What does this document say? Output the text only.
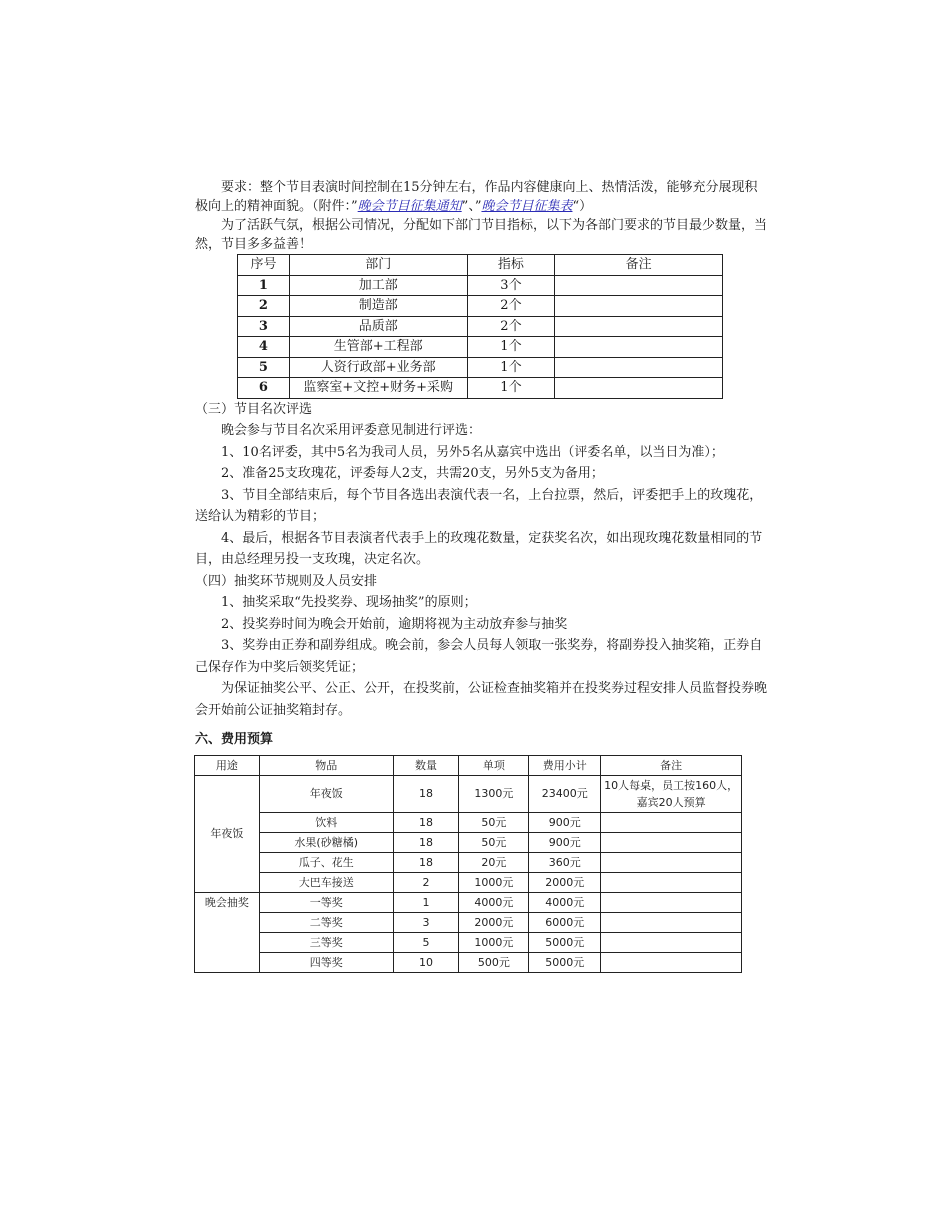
要求：整个节目表演时间控制在15分钟左右，作品内容健康向上、热情活泼，能够充分展现积极向上的精神面貌。（附件：”晚会节目征集通知”、”晚会节目征集表“）

为了活跃气氛，根据公司情况，分配如下部门节目指标，以下为各部门要求的节目最少数量，当然，节目多多益善！

序号	部门	指标	备注
1	加工部	3个	
2	制造部	2个	
3	品质部	2个	
4	生管部+工程部	1个	
5	人资行政部+业务部	1个	
6	监察室+文控+财务+采购	1个	

（三）节目名次评选

晚会参与节目名次采用评委意见制进行评选：

1、10名评委，其中5名为我司人员，另外5名从嘉宾中选出（评委名单，以当日为准）；

2、准备25支玫瑰花，评委每人2支，共需20支，另外5支为备用；

3、节目全部结束后，每个节目各选出表演代表一名，上台拉票，然后，评委把手上的玫瑰花，送给认为精彩的节目；

4、最后，根据各节目表演者代表手上的玫瑰花数量，定获奖名次，如出现玫瑰花数量相同的节目，由总经理另投一支玫瑰，决定名次。

（四）抽奖环节规则及人员安排

1、抽奖采取“先投奖券、现场抽奖”的原则；

2、投奖券时间为晚会开始前，逾期将视为主动放弃参与抽奖

3、奖券由正券和副券组成。晚会前，参会人员每人领取一张奖券，将副券投入抽奖箱，正券自己保存作为中奖后领奖凭证；

为保证抽奖公平、公正、公开，在投奖前，公证检查抽奖箱并在投奖券过程安排人员监督投券晚会开始前公证抽奖箱封存。

六、费用预算

用途	物品	数量	单项	费用小计	备注
年夜饭	年夜饭	18	1300元	23400元	10人每桌，员工按160人，嘉宾20人预算
	饮料	18	50元	900元	
	水果(砂糖橘)	18	50元	900元	
	瓜子、花生	18	20元	360元	
	大巴车接送	2	1000元	2000元	
晚会抽奖	一等奖	1	4000元	4000元	
	二等奖	3	2000元	6000元	
	三等奖	5	1000元	5000元	
	四等奖	10	500元	5000元	
